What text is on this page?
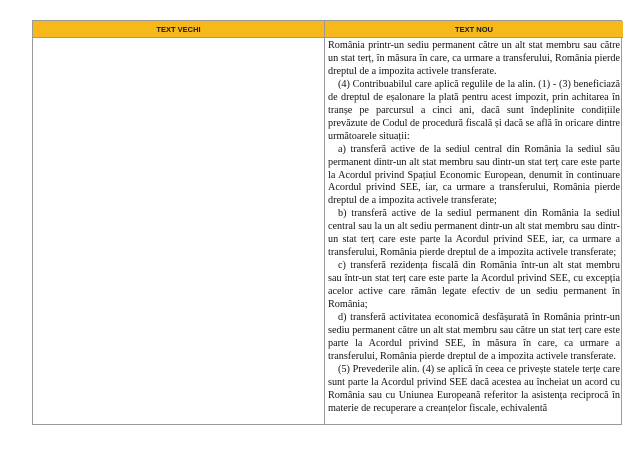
TEXT VECHI	TEXT NOU

România printr-un sediu permanent către un alt stat membru sau către un stat terț, în măsura în care, ca urmare a transferului, România pierde dreptul de a impozita activele transferate.

(4) Contribuabilul care aplică regulile de la alin. (1) - (3) beneficiază de dreptul de eșalonare la plată pentru acest impozit, prin achitarea în tranșe pe parcursul a cinci ani, dacă sunt îndeplinite condițiile prevăzute de Codul de procedură fiscală și dacă se află în oricare dintre următoarele situații:

a) transferă active de la sediul central din România la sediul său permanent dintr-un alt stat membru sau dintr-un stat terț care este parte la Acordul privind Spațiul Economic European, denumit în continuare Acordul privind SEE, iar, ca urmare a transferului, România pierde dreptul de a impozita activele transferate;

b) transferă active de la sediul permanent din România la sediul central sau la un alt sediu permanent dintr-un alt stat membru sau dintr-un stat terț care este parte la Acordul privind SEE, iar, ca urmare a transferului, România pierde dreptul de a impozita activele transferate;

c) transferă rezidența fiscală din România într-un alt stat membru sau într-un stat terț care este parte la Acordul privind SEE, cu excepția acelor active care rămân legate efectiv de un sediu permanent în România;

d) transferă activitatea economică desfășurată în România printr-un sediu permanent către un alt stat membru sau către un stat terț care este parte la Acordul privind SEE, în măsura în care, ca urmare a transferului, România pierde dreptul de a impozita activele transferate.

(5) Prevederile alin. (4) se aplică în ceea ce privește statele terțe care sunt parte la Acordul privind SEE dacă acestea au încheiat un acord cu România sau cu Uniunea Europeană referitor la asistența reciprocă în materie de recuperare a creanțelor fiscale, echivalentă
